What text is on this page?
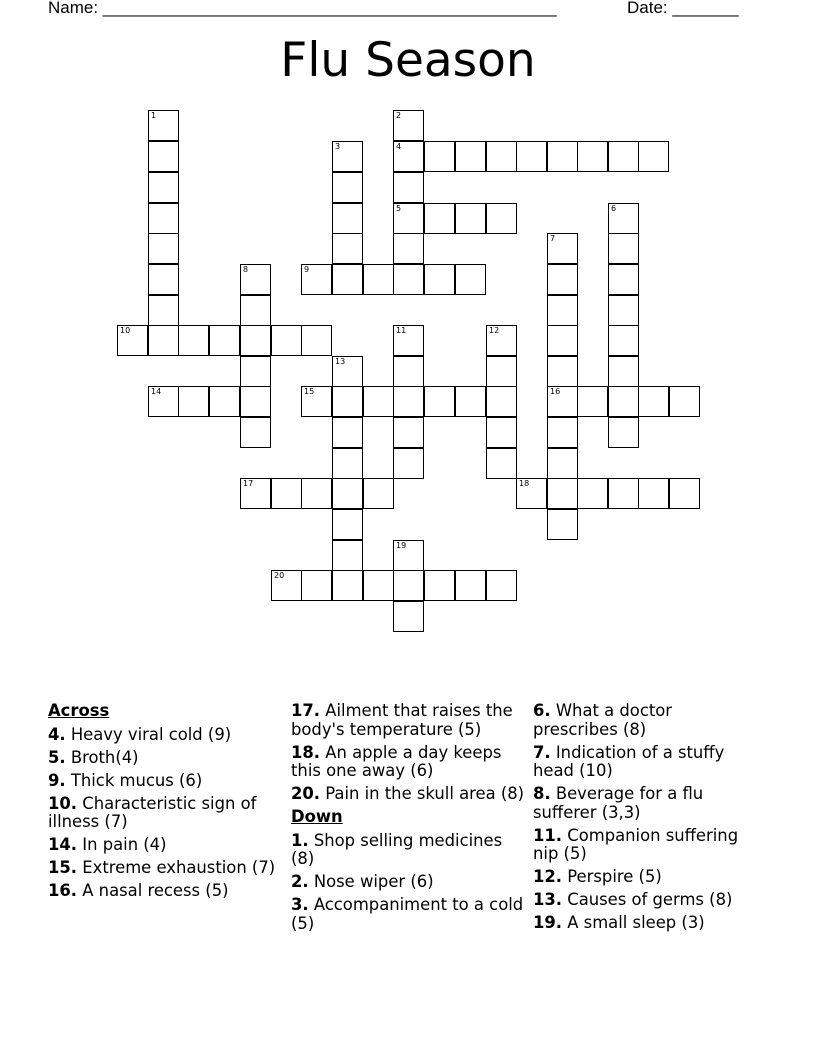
Name: ________________________________________________	Date: _______
Flu Season
1	2
4
3
5	6
7
16
8	9
10	11	12
13
14	15
17	18
19
20
Across
4. Heavy viral cold (9)
5. Broth(4)
9. Thick mucus (6)
10. Characteristic sign of illness (7)
14. In pain (4)
15. Extreme exhaustion (7)
16. A nasal recess (5)
17. Ailment that raises the body's temperature (5)
18. An apple a day keeps this one away (6)
20. Pain in the skull area (8)
Down
1. Shop selling medicines (8)
2. Nose wiper (6)
3. Accompaniment to a cold (5)
6. What a doctor prescribes (8)
7. Indication of a stuffy head (10)
8. Beverage for a flu sufferer (3,3)
11. Companion suffering nip (5)
12. Perspire (5)
13. Causes of germs (8)
19. A small sleep (3)
